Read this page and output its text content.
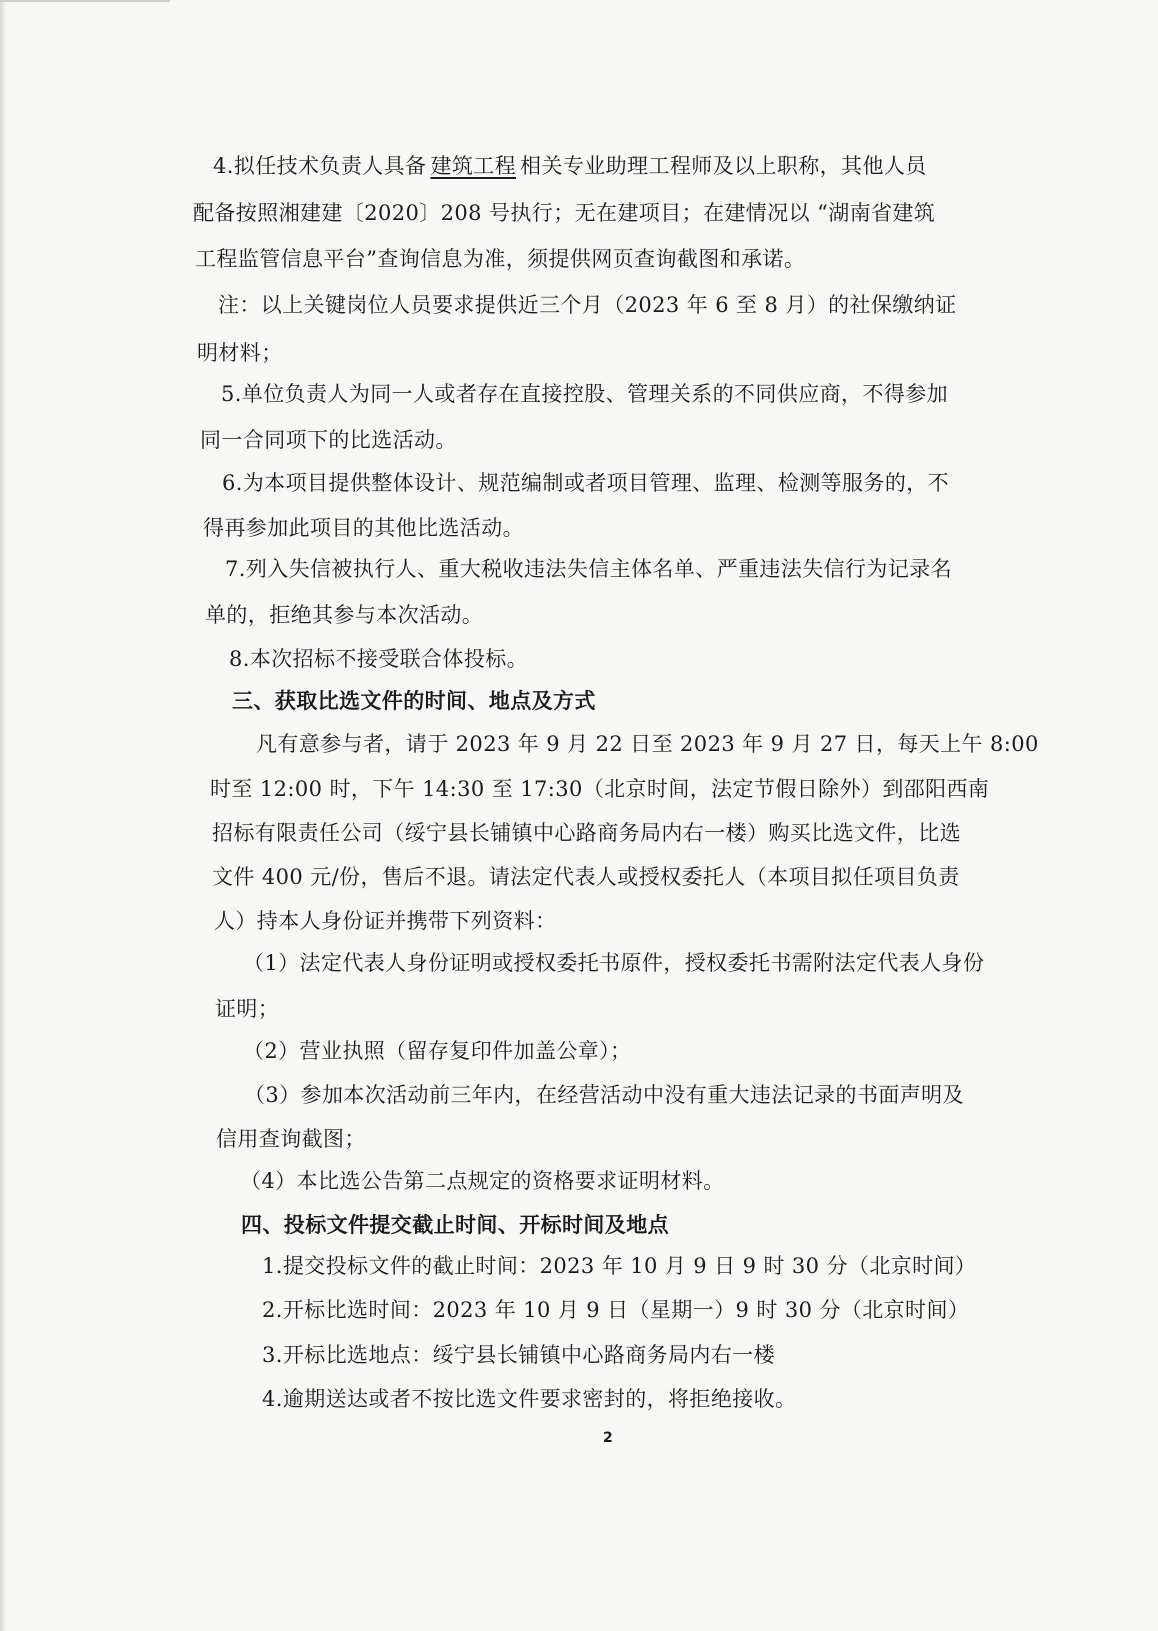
4.拟任技术负责人具备 建筑工程 相关专业助理工程师及以上职称，其他人员
配备按照湘建建〔2020〕208 号执行；无在建项目；在建情况以 “湖南省建筑
工程监管信息平台”查询信息为准，须提供网页查询截图和承诺。
注：以上关键岗位人员要求提供近三个月（2023 年 6 至 8 月）的社保缴纳证
明材料；
5.单位负责人为同一人或者存在直接控股、管理关系的不同供应商，不得参加
同一合同项下的比选活动。
6.为本项目提供整体设计、规范编制或者项目管理、监理、检测等服务的，不
得再参加此项目的其他比选活动。
7.列入失信被执行人、重大税收违法失信主体名单、严重违法失信行为记录名
单的，拒绝其参与本次活动。
8.本次招标不接受联合体投标。
三、获取比选文件的时间、地点及方式
凡有意参与者，请于 2023 年 9 月 22 日至 2023 年 9 月 27 日，每天上午 8:00
时至 12:00 时，下午 14:30 至 17:30（北京时间，法定节假日除外）到邵阳西南
招标有限责任公司（绥宁县长铺镇中心路商务局内右一楼）购买比选文件，比选
文件 400 元/份，售后不退。请法定代表人或授权委托人（本项目拟任项目负责
人）持本人身份证并携带下列资料：
（1）法定代表人身份证明或授权委托书原件，授权委托书需附法定代表人身份
证明；
（2）营业执照（留存复印件加盖公章）；
（3）参加本次活动前三年内，在经营活动中没有重大违法记录的书面声明及
信用查询截图；
（4）本比选公告第二点规定的资格要求证明材料。
四、投标文件提交截止时间、开标时间及地点
1.提交投标文件的截止时间：2023 年 10 月 9 日 9 时 30 分（北京时间）
2.开标比选时间：2023 年 10 月 9 日（星期一）9 时 30 分（北京时间）
3.开标比选地点：绥宁县长铺镇中心路商务局内右一楼
4.逾期送达或者不按比选文件要求密封的，将拒绝接收。
2
